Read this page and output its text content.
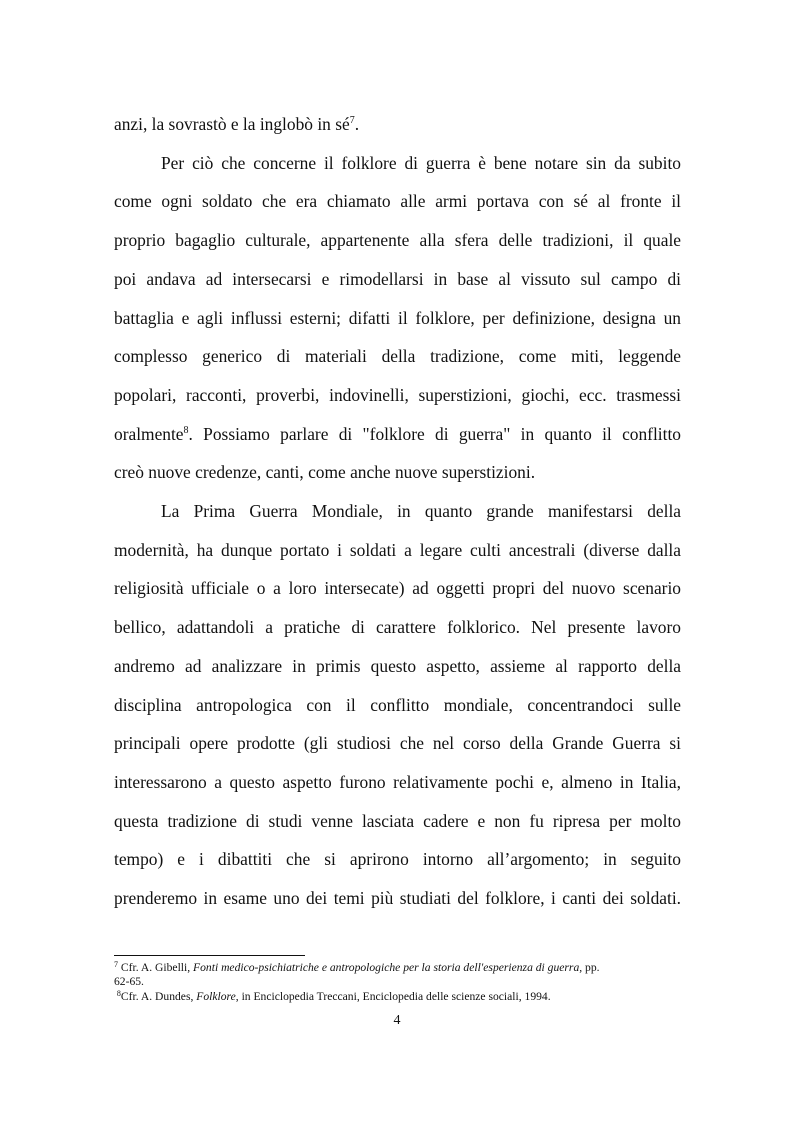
anzi, la sovrastò e la inglobò in $sé^7$.
Per ciò che concerne il folklore di guerra è bene notare sin da subito
come ogni soldato che era chiamato alle armi portava con sé al fronte il
proprio bagaglio culturale, appartenente alla sfera delle tradizioni, il quale
poi andava ad intersecarsi e rimodellarsi in base al vissuto sul campo di
battaglia e agli influssi esterni; difatti il folklore, per definizione, designa un
complesso generico di materiali della tradizione, come miti, leggende
popolari, racconti, proverbi, indovinelli, superstizioni, giochi, ecc. trasmessi
oralmente$^8$. Possiamo parlare di "folklore di guerra" in quanto il conflitto
creò nuove credenze, canti, come anche nuove superstizioni.
La Prima Guerra Mondiale, in quanto grande manifestarsi della
modernità, ha dunque portato i soldati a legare culti ancestrali (diverse dalla
religiosità ufficiale o a loro intersecate) ad oggetti propri del nuovo scenario
bellico, adattandoli a pratiche di carattere folklorico. Nel presente lavoro
andremo ad analizzare in primis questo aspetto, assieme al rapporto della
disciplina antropologica con il conflitto mondiale, concentrandoci sulle
principali opere prodotte (gli studiosi che nel corso della Grande Guerra si
interessarono a questo aspetto furono relativamente pochi e, almeno in Italia,
questa tradizione di studi venne lasciata cadere e non fu ripresa per molto
tempo) e i dibattiti che si aprirono intorno all’argomento; in seguito
prenderemo in esame uno dei temi più studiati del folklore, i canti dei soldati.
$^7$ Cfr. A. Gibelli, Fonti medico-psichiatriche e antropologiche per la storia dell'esperienza di guerra, pp.
62-65.
$^8$Cfr. A. Dundes, Folklore, in Enciclopedia Treccani, Enciclopedia delle scienze sociali, 1994.
4
